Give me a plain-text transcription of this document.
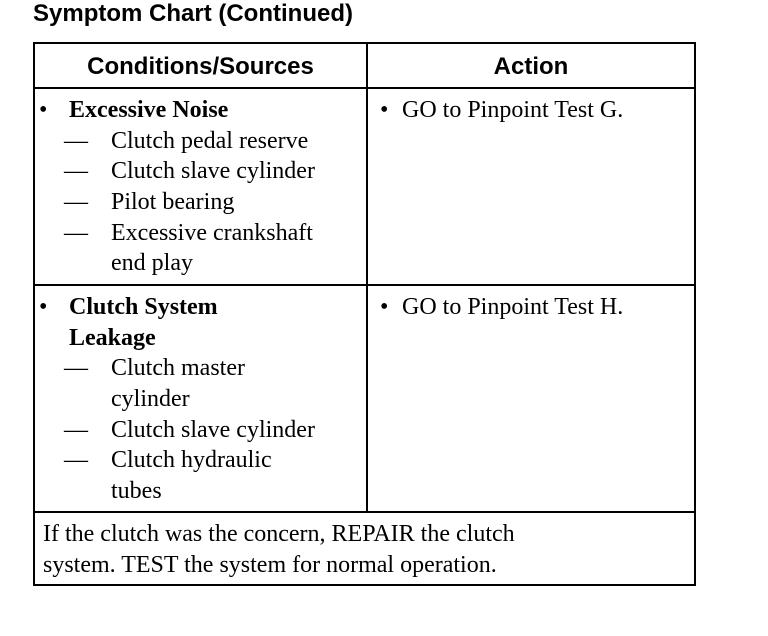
Symptom Chart (Continued)
Conditions/Sources	Action
• Excessive Noise
— Clutch pedal reserve
— Clutch slave cylinder
— Pilot bearing
— Excessive crankshaft
end play
• GO to Pinpoint Test G.
• Clutch System
Leakage
— Clutch master
cylinder
— Clutch slave cylinder
— Clutch hydraulic
tubes
• GO to Pinpoint Test H.
If the clutch was the concern, REPAIR the clutch
system. TEST the system for normal operation.
